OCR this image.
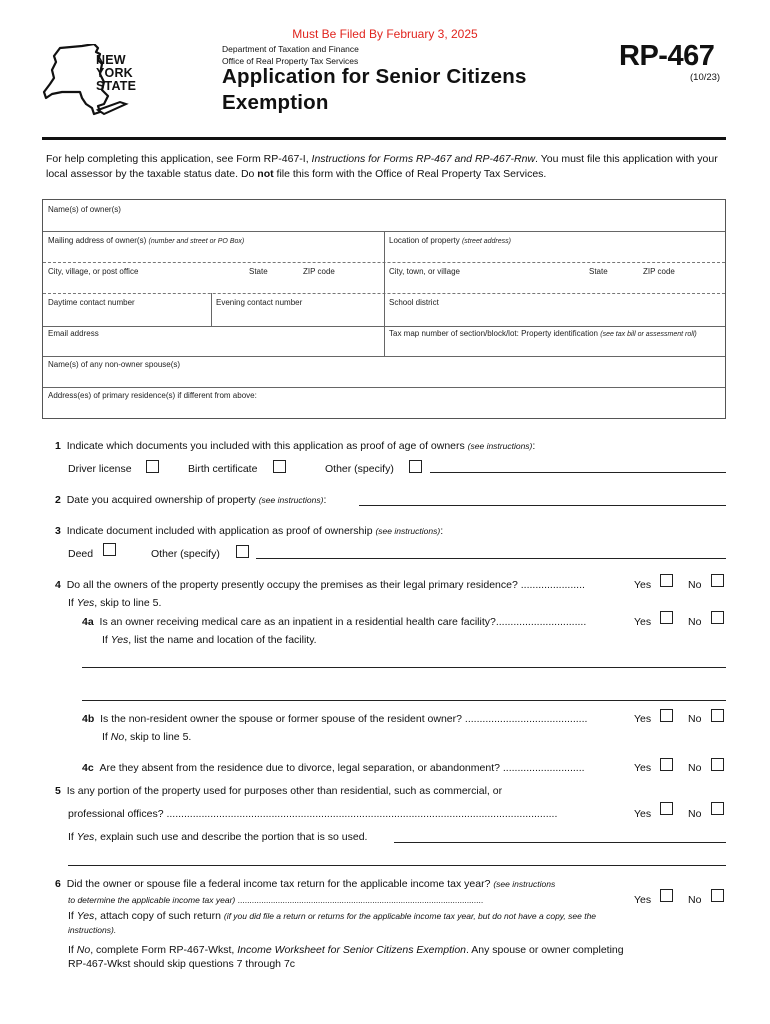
Must Be Filed By February 3, 2025
NEW
YORK
STATE
Department of Taxation and Finance
Office of Real Property Tax Services
Application for Senior Citizens
Exemption
RP-467
(10/23)
For help completing this application, see Form RP-467-I, Instructions for Forms RP-467 and RP-467-Rnw. You must file this application with your local assessor by the taxable status date. Do not file this form with the Office of Real Property Tax Services.
Name(s) of owner(s)
Mailing address of owner(s) (number and street or PO Box)	Location of property (street address)
City, village, or post office	State	ZIP code	City, town, or village	State	ZIP code
Daytime contact number	Evening contact number	School district
Email address	Tax map number of section/block/lot: Property identification (see tax bill or assessment roll)
Name(s) of any non-owner spouse(s)
Address(es) of primary residence(s) if different from above:
1 Indicate which documents you included with this application as proof of age of owners (see instructions):
Driver license	Birth certificate	Other (specify)
2 Date you acquired ownership of property (see instructions):
3 Indicate document included with application as proof of ownership (see instructions):
Deed	Other (specify)
4 Do all the owners of the property presently occupy the premises as their legal primary residence? ......................
If Yes, skip to line 5.
Yes	No
4a Is an owner receiving medical care as an inpatient in a residential health care facility?...............................
If Yes, list the name and location of the facility.
Yes	No
4b Is the non-resident owner the spouse or former spouse of the resident owner? ..........................................
If No, skip to line 5.
Yes	No
4c Are they absent from the residence due to divorce, legal separation, or abandonment? ............................	Yes	No
5 Is any portion of the property used for purposes other than residential, such as commercial, or
professional offices? ......................................................................................................................................	Yes	No
If Yes, explain such use and describe the portion that is so used.
6 Did the owner or spouse file a federal income tax return for the applicable income tax year? (see instructions
to determine the applicable income tax year) ........................................................................................................	Yes	No
If Yes, attach copy of such return (if you did file a return or returns for the applicable income tax year, but do not have a copy, see the
instructions).
If No, complete Form RP-467-Wkst, Income Worksheet for Senior Citizens Exemption. Any spouse or owner completing
RP-467-Wkst should skip questions 7 through 7c
